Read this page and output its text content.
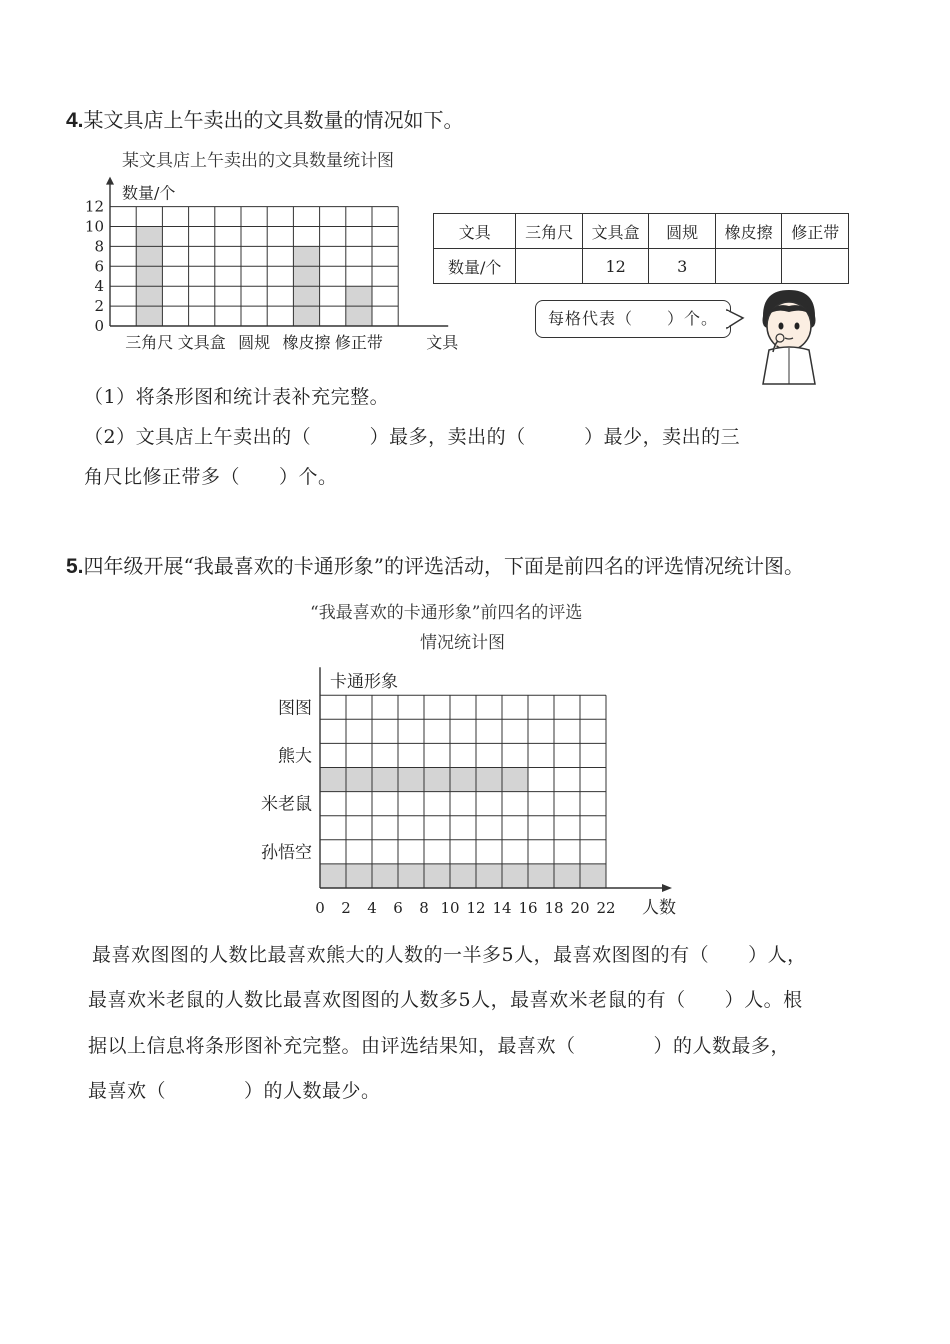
4.某文具店上午卖出的文具数量的情况如下。
某文具店上午卖出的文具数量统计图
0
2
4
6
8
10
12
数量/个
文具
三角尺 文具盒 圆规 橡皮擦 修正带
文具	三角尺	文具盒	圆规	橡皮擦	修正带
数量/个		12	3		
每格代表（　　）个。
（1）将条形图和统计表补充完整。
（2）文具店上午卖出的（　　　）最多，卖出的（　　　）最少，卖出的三
角尺比修正带多（　　）个。
5.四年级开展“我最喜欢的卡通形象”的评选活动，下面是前四名的评选情况统计图。
“我最喜欢的卡通形象”前四名的评选
情况统计图
卡通形象
人数
0 2 4 6 8 10 12 14 16 18 20 22
图图
熊大
米老鼠
孙悟空
最喜欢图图的人数比最喜欢熊大的人数的一半多5人，最喜欢图图的有（　　）人，
最喜欢米老鼠的人数比最喜欢图图的人数多5人，最喜欢米老鼠的有（　　）人。根
据以上信息将条形图补充完整。由评选结果知，最喜欢（　　　　）的人数最多，
最喜欢（　　　　）的人数最少。
